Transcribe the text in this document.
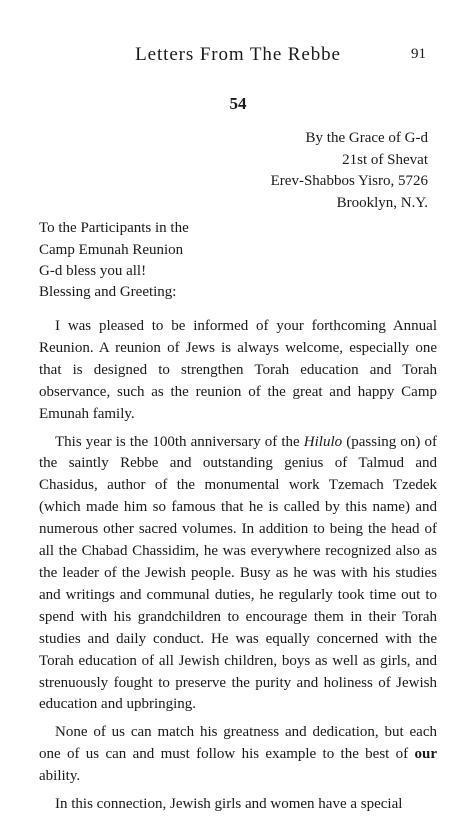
Letters From The Rebbe	91
54
By the Grace of G-d
21st of Shevat
Erev-Shabbos Yisro, 5726
Brooklyn, N.Y.
To the Participants in the
Camp Emunah Reunion
G-d bless you all!
Blessing and Greeting:

I was pleased to be informed of your forthcoming Annual Reunion. A reunion of Jews is always welcome, especially one that is designed to strengthen Torah education and Torah observance, such as the reunion of the great and happy Camp Emunah family.

This year is the 100th anniversary of the Hilulo (passing on) of the saintly Rebbe and outstanding genius of Talmud and Chasidus, author of the monumental work Tzemach Tzedek (which made him so famous that he is called by this name) and numerous other sacred volumes. In addition to being the head of all the Chabad Chassidim, he was everywhere recognized also as the leader of the Jewish people. Busy as he was with his studies and writings and communal duties, he regularly took time out to spend with his grandchildren to encourage them in their Torah studies and daily conduct. He was equally concerned with the Torah education of all Jewish children, boys as well as girls, and strenuously fought to preserve the purity and holiness of Jewish education and upbringing.

None of us can match his greatness and dedication, but each one of us can and must follow his example to the best of our ability.

In this connection, Jewish girls and women have a special
